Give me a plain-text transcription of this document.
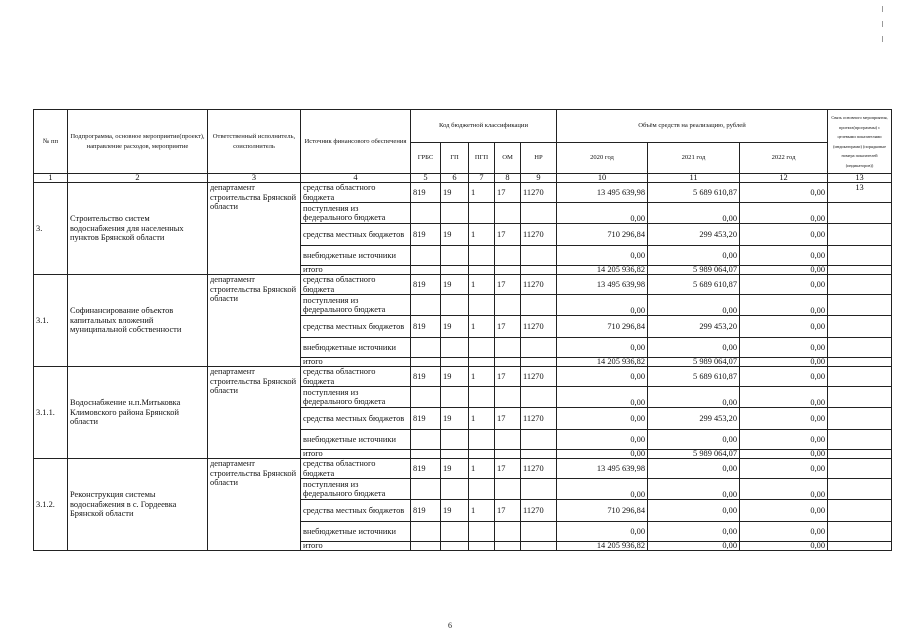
№ пп	Подпрограмма, основное мероприятие(проект), направление расходов, мероприятие	Ответственный исполнитель, соисполнитель	Источник финансового обеспечения	Код бюджетной классификации					Объём средств на реализацию, рублей			Связь основного мероприятия, проекта(программы) с целевыми показателями (индикаторами) (порядковые номера показателей (индикаторов))
				ГРБС	ГП	ПГП	ОМ	НР	2020 год	2021 год	2022 год	
1	2	3	4	5	6	7	8	9	10	11	12	13
3.	Строительство систем водоснабжения для населенных пунктов Брянской области	департамент строительства Брянской области	средства областного бюджета	819	19	1	17	11270	13 495 639,98	5 689 610,87	0,00	13
			поступления из федерального бюджета						0,00	0,00	0,00	
			средства местных бюджетов	819	19	1	17	11270	710 296,84	299 453,20	0,00	
			внебюджетные источники						0,00	0,00	0,00	
			итого						14 205 936,82	5 989 064,07	0,00	
3.1.	Софинансирование объектов капитальных вложений муниципальной собственности	департамент строительства Брянской области	средства областного бюджета	819	19	1	17	11270	13 495 639,98	5 689 610,87	0,00	
			поступления из федерального бюджета						0,00	0,00	0,00	
			средства местных бюджетов	819	19	1	17	11270	710 296,84	299 453,20	0,00	
			внебюджетные источники						0,00	0,00	0,00	
			итого						14 205 936,82	5 989 064,07	0,00	
3.1.1.	Водоснабжение н.п.Митьковка Климовского района Брянской области	департамент строительства Брянской области	средства областного бюджета	819	19	1	17	11270	0,00	5 689 610,87	0,00	
			поступления из федерального бюджета						0,00	0,00	0,00	
			средства местных бюджетов	819	19	1	17	11270	0,00	299 453,20	0,00	
			внебюджетные источники						0,00	0,00	0,00	
			итого						0,00	5 989 064,07	0,00	
3.1.2.	Реконструкция системы водоснабжения в с. Гордеевка Брянской области	департамент строительства Брянской области	средства областного бюджета	819	19	1	17	11270	13 495 639,98	0,00	0,00	
			поступления из федерального бюджета						0,00	0,00	0,00	
			средства местных бюджетов	819	19	1	17	11270	710 296,84	0,00	0,00	
			внебюджетные источники						0,00	0,00	0,00	
			итого						14 205 936,82	0,00	0,00	
6
